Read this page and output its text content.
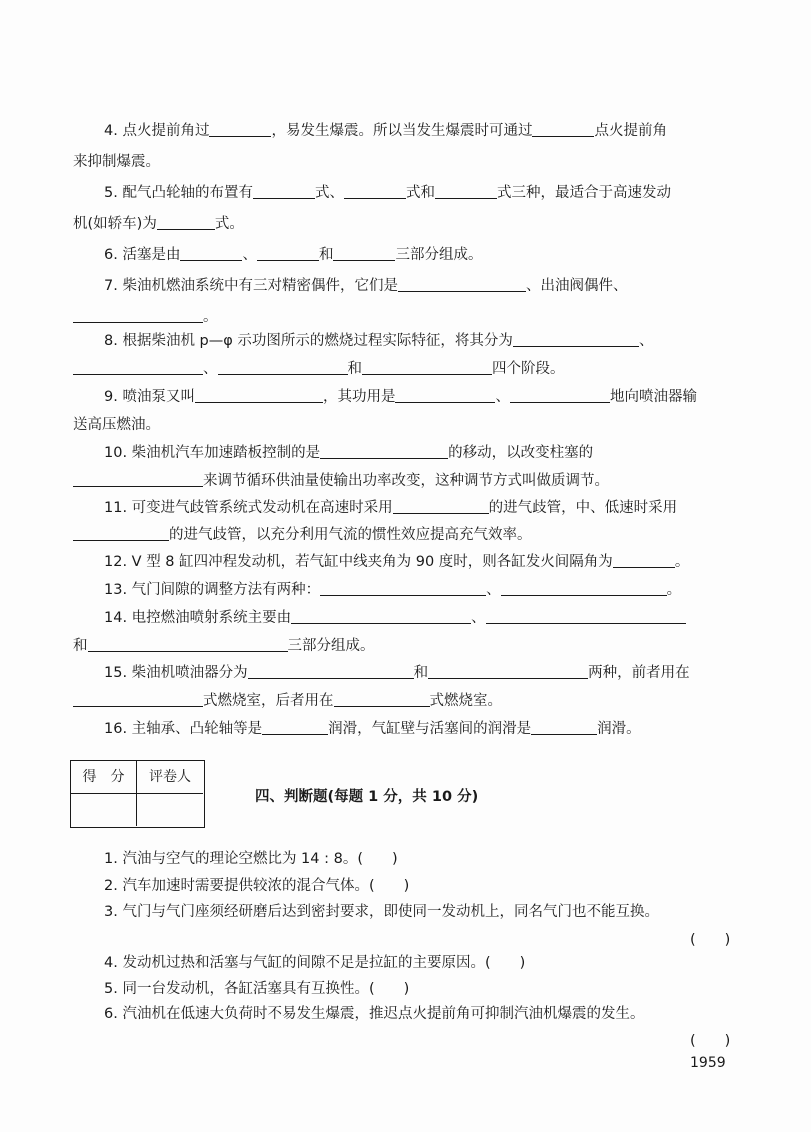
4. 点火提前角过	，易发生爆震。所以当发生爆震时可通过	点火提前角
来抑制爆震。
5. 配气凸轮轴的布置有	式、	式和	式三种，最适合于高速发动
机(如轿车)为	式。
6. 活塞是由	、	和	三部分组成。
7. 柴油机燃油系统中有三对精密偶件，它们是	、出油阀偶件、
。
8. 根据柴油机 p—φ 示功图所示的燃烧过程实际特征，将其分为	、
、	和	四个阶段。
9. 喷油泵又叫	，其功用是	、	地向喷油器输
送高压燃油。
10. 柴油机汽车加速踏板控制的是	的移动，以改变柱塞的
来调节循环供油量使输出功率改变，这种调节方式叫做质调节。
11. 可变进气歧管系统式发动机在高速时采用	的进气歧管，中、低速时采用
的进气歧管，以充分利用气流的惯性效应提高充气效率。
12. V 型 8 缸四冲程发动机，若气缸中线夹角为 90 度时，则各缸发火间隔角为	。
13. 气门间隙的调整方法有两种：	、	。
14. 电控燃油喷射系统主要由	、
和	三部分组成。
15. 柴油机喷油器分为	和	两种，前者用在
式燃烧室，后者用在	式燃烧室。
16. 主轴承、凸轮轴等是	润滑，气缸壁与活塞间的润滑是	润滑。
得　分	评卷人
四、判断题(每题 1 分，共 10 分)
1. 汽油与空气的理论空燃比为 14 : 8。(　　)
2. 汽车加速时需要提供较浓的混合气体。(　　)
3. 气门与气门座须经研磨后达到密封要求，即使同一发动机上，同名气门也不能互换。
(　　)
4. 发动机过热和活塞与气缸的间隙不足是拉缸的主要原因。(　　)
5. 同一台发动机，各缸活塞具有互换性。(　　)
6. 汽油机在低速大负荷时不易发生爆震，推迟点火提前角可抑制汽油机爆震的发生。
(　　)
1959
